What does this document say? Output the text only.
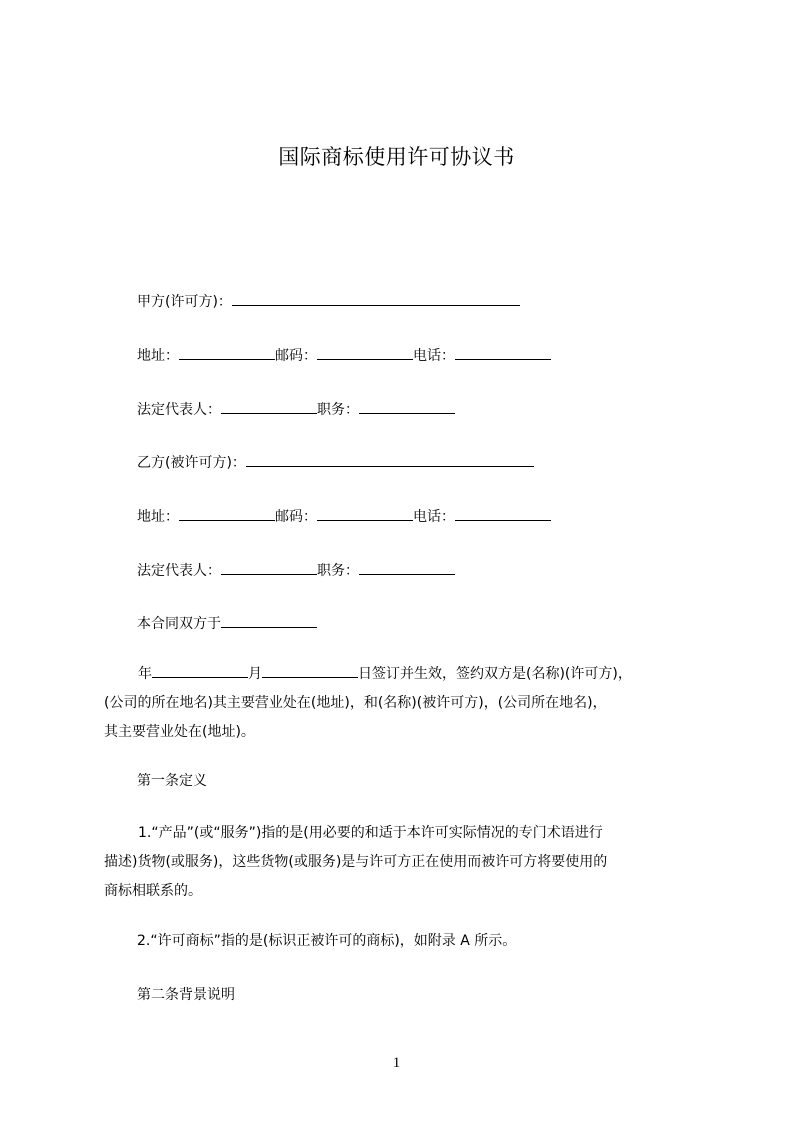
国际商标使用许可协议书
甲方(许可方)：
地址：	邮码：	电话：
法定代表人：	职务：
乙方(被许可方)：
地址：	邮码：	电话：
法定代表人：	职务：
本合同双方于
年	月	日签订并生效，签约双方是(名称)(许可方)，
(公司的所在地名)其主要营业处在(地址)，和(名称)(被许可方)，(公司所在地名)，
其主要营业处在(地址)。
第一条定义
1.“产品”(或“服务”)指的是(用必要的和适于本许可实际情况的专门术语进行
描述)货物(或服务)，这些货物(或服务)是与许可方正在使用而被许可方将要使用的
商标相联系的。
2.“许可商标”指的是(标识正被许可的商标)，如附录 A 所示。
第二条背景说明
1
